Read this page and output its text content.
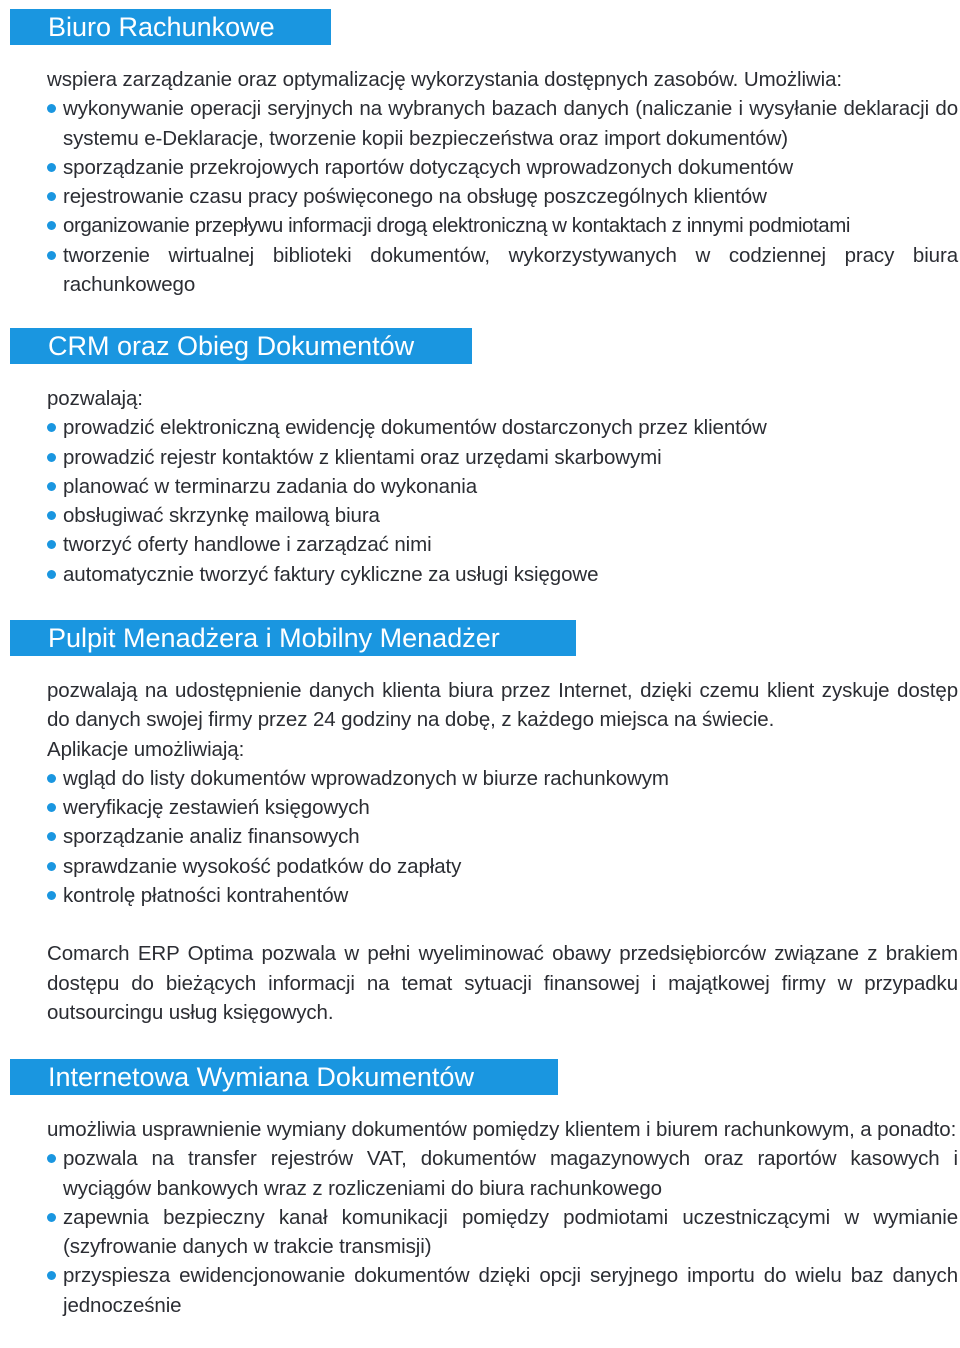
Biuro Rachunkowe

wspiera zarządzanie oraz optymalizację wykorzystania dostępnych zasobów. Umożliwia:

wykonywanie operacji seryjnych na wybranych bazach danych (naliczanie i wysyłanie deklaracji do systemu e-Deklaracje, tworzenie kopii bezpieczeństwa oraz import dokumentów)
sporządzanie przekrojowych raportów dotyczących wprowadzonych dokumentów
rejestrowanie czasu pracy poświęconego na obsługę poszczególnych klientów
organizowanie przepływu informacji drogą elektroniczną w kontaktach z innymi podmiotami
tworzenie wirtualnej biblioteki dokumentów, wykorzystywanych w codziennej pracy biura rachunkowego
CRM oraz Obieg Dokumentów

pozwalają:

prowadzić elektroniczną ewidencję dokumentów dostarczonych przez klientów
prowadzić rejestr kontaktów z klientami oraz urzędami skarbowymi
planować w terminarzu zadania do wykonania
obsługiwać skrzynkę mailową biura
tworzyć oferty handlowe i zarządzać nimi
automatycznie tworzyć faktury cykliczne za usługi księgowe
Pulpit Menadżera i Mobilny Menadżer

pozwalają na udostępnienie danych klienta biura przez Internet, dzięki czemu klient zyskuje dostęp do danych swojej firmy przez 24 godziny na dobę, z każdego miejsca na świecie.

Aplikacje umożliwiają:

wgląd do listy dokumentów wprowadzonych w biurze rachunkowym
weryfikację zestawień księgowych
sporządzanie analiz finansowych
sprawdzanie wysokość podatków do zapłaty
kontrolę płatności kontrahentów

Comarch ERP Optima pozwala w pełni wyeliminować obawy przedsiębiorców związane z brakiem dostępu do bieżących informacji na temat sytuacji finansowej i majątkowej firmy w przypadku outsourcingu usług księgowych.

Internetowa Wymiana Dokumentów

umożliwia usprawnienie wymiany dokumentów pomiędzy klientem i biurem rachunkowym, a ponadto:

pozwala na transfer rejestrów VAT, dokumentów magazynowych oraz raportów kasowych i wyciągów bankowych wraz z rozliczeniami do biura rachunkowego
zapewnia bezpieczny kanał komunikacji pomiędzy podmiotami uczestniczącymi w wymianie (szyfrowanie danych w trakcie transmisji)
przyspiesza ewidencjonowanie dokumentów dzięki opcji seryjnego importu do wielu baz danych jednocześnie
